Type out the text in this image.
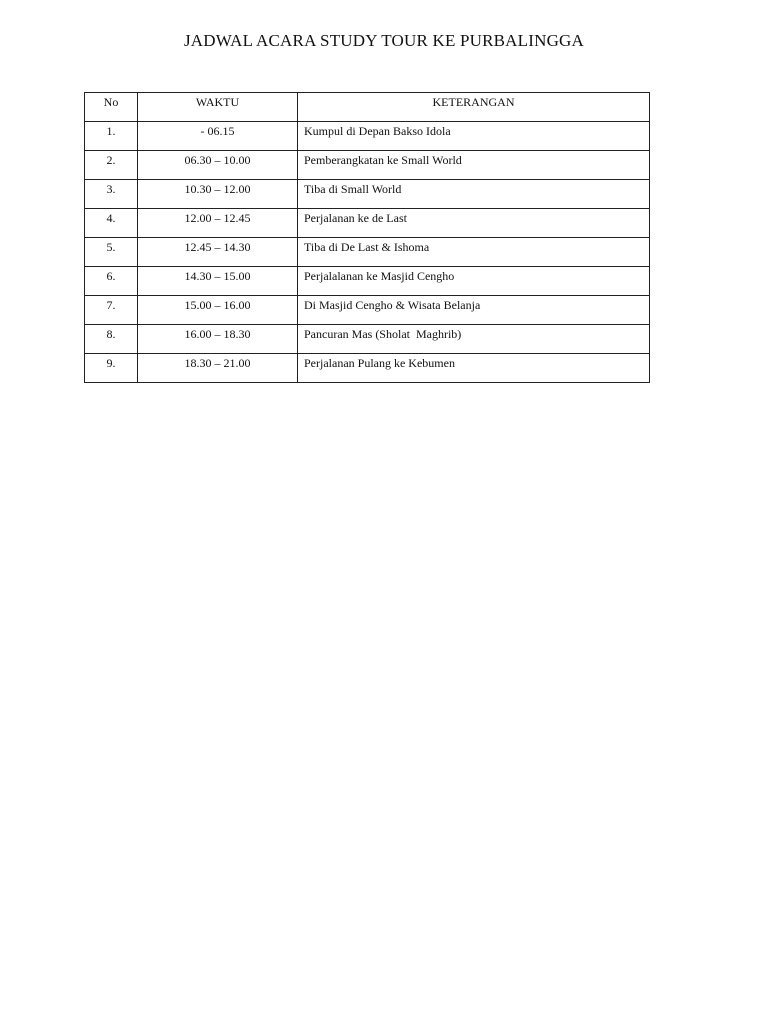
JADWAL ACARA STUDY TOUR KE PURBALINGGA
No	WAKTU	KETERANGAN
1.	- 06.15	Kumpul di Depan Bakso Idola
2.	06.30 – 10.00	Pemberangkatan ke Small World
3.	10.30 – 12.00	Tiba di Small World
4.	12.00 – 12.45	Perjalanan ke de Last
5.	12.45 – 14.30	Tiba di De Last & Ishoma
6.	14.30 – 15.00	Perjalalanan ke Masjid Cengho
7.	15.00 – 16.00	Di Masjid Cengho & Wisata Belanja
8.	16.00 – 18.30	Pancuran Mas (Sholat  Maghrib)
9.	18.30 – 21.00	Perjalanan Pulang ke Kebumen
